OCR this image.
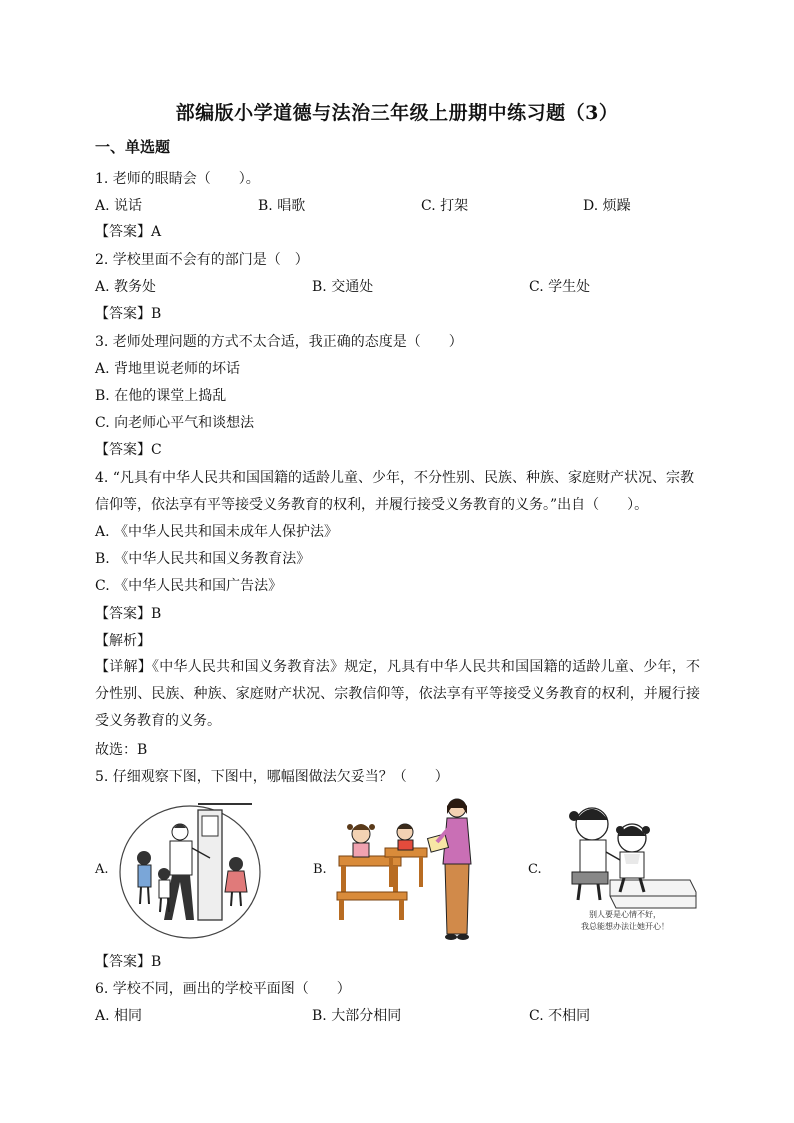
部编版小学道德与法治三年级上册期中练习题（3）
一、单选题
1. 老师的眼睛会（　　）。
A. 说话	B. 唱歌	C. 打架	D. 烦躁
【答案】A
2. 学校里面不会有的部门是（　）
A. 教务处	B. 交通处	C. 学生处
【答案】B
3. 老师处理问题的方式不太合适，我正确的态度是（　　）
A. 背地里说老师的坏话
B. 在他的课堂上捣乱
C. 向老师心平气和谈想法
【答案】C
4. “凡具有中华人民共和国国籍的适龄儿童、少年，不分性别、民族、种族、家庭财产状况、宗教
信仰等，依法享有平等接受义务教育的权利，并履行接受义务教育的义务。”出自（　　）。
A. 《中华人民共和国未成年人保护法》
B. 《中华人民共和国义务教育法》
C. 《中华人民共和国广告法》
【答案】B
【解析】
【详解】《中华人民共和国义务教育法》规定，凡具有中华人民共和国国籍的适龄儿童、少年，不分性别、民族、种族、家庭财产状况、宗教信仰等，依法享有平等接受义务教育的权利，并履行接受义务教育的义务。
故选：B
5. 仔细观察下图，下图中，哪幅图做法欠妥当？（　　）
A.	B.	C.
别人要是心情不好，
我总能想办法让她开心！
【答案】B
6. 学校不同，画出的学校平面图（　　）
A. 相同	B. 大部分相同	C. 不相同
